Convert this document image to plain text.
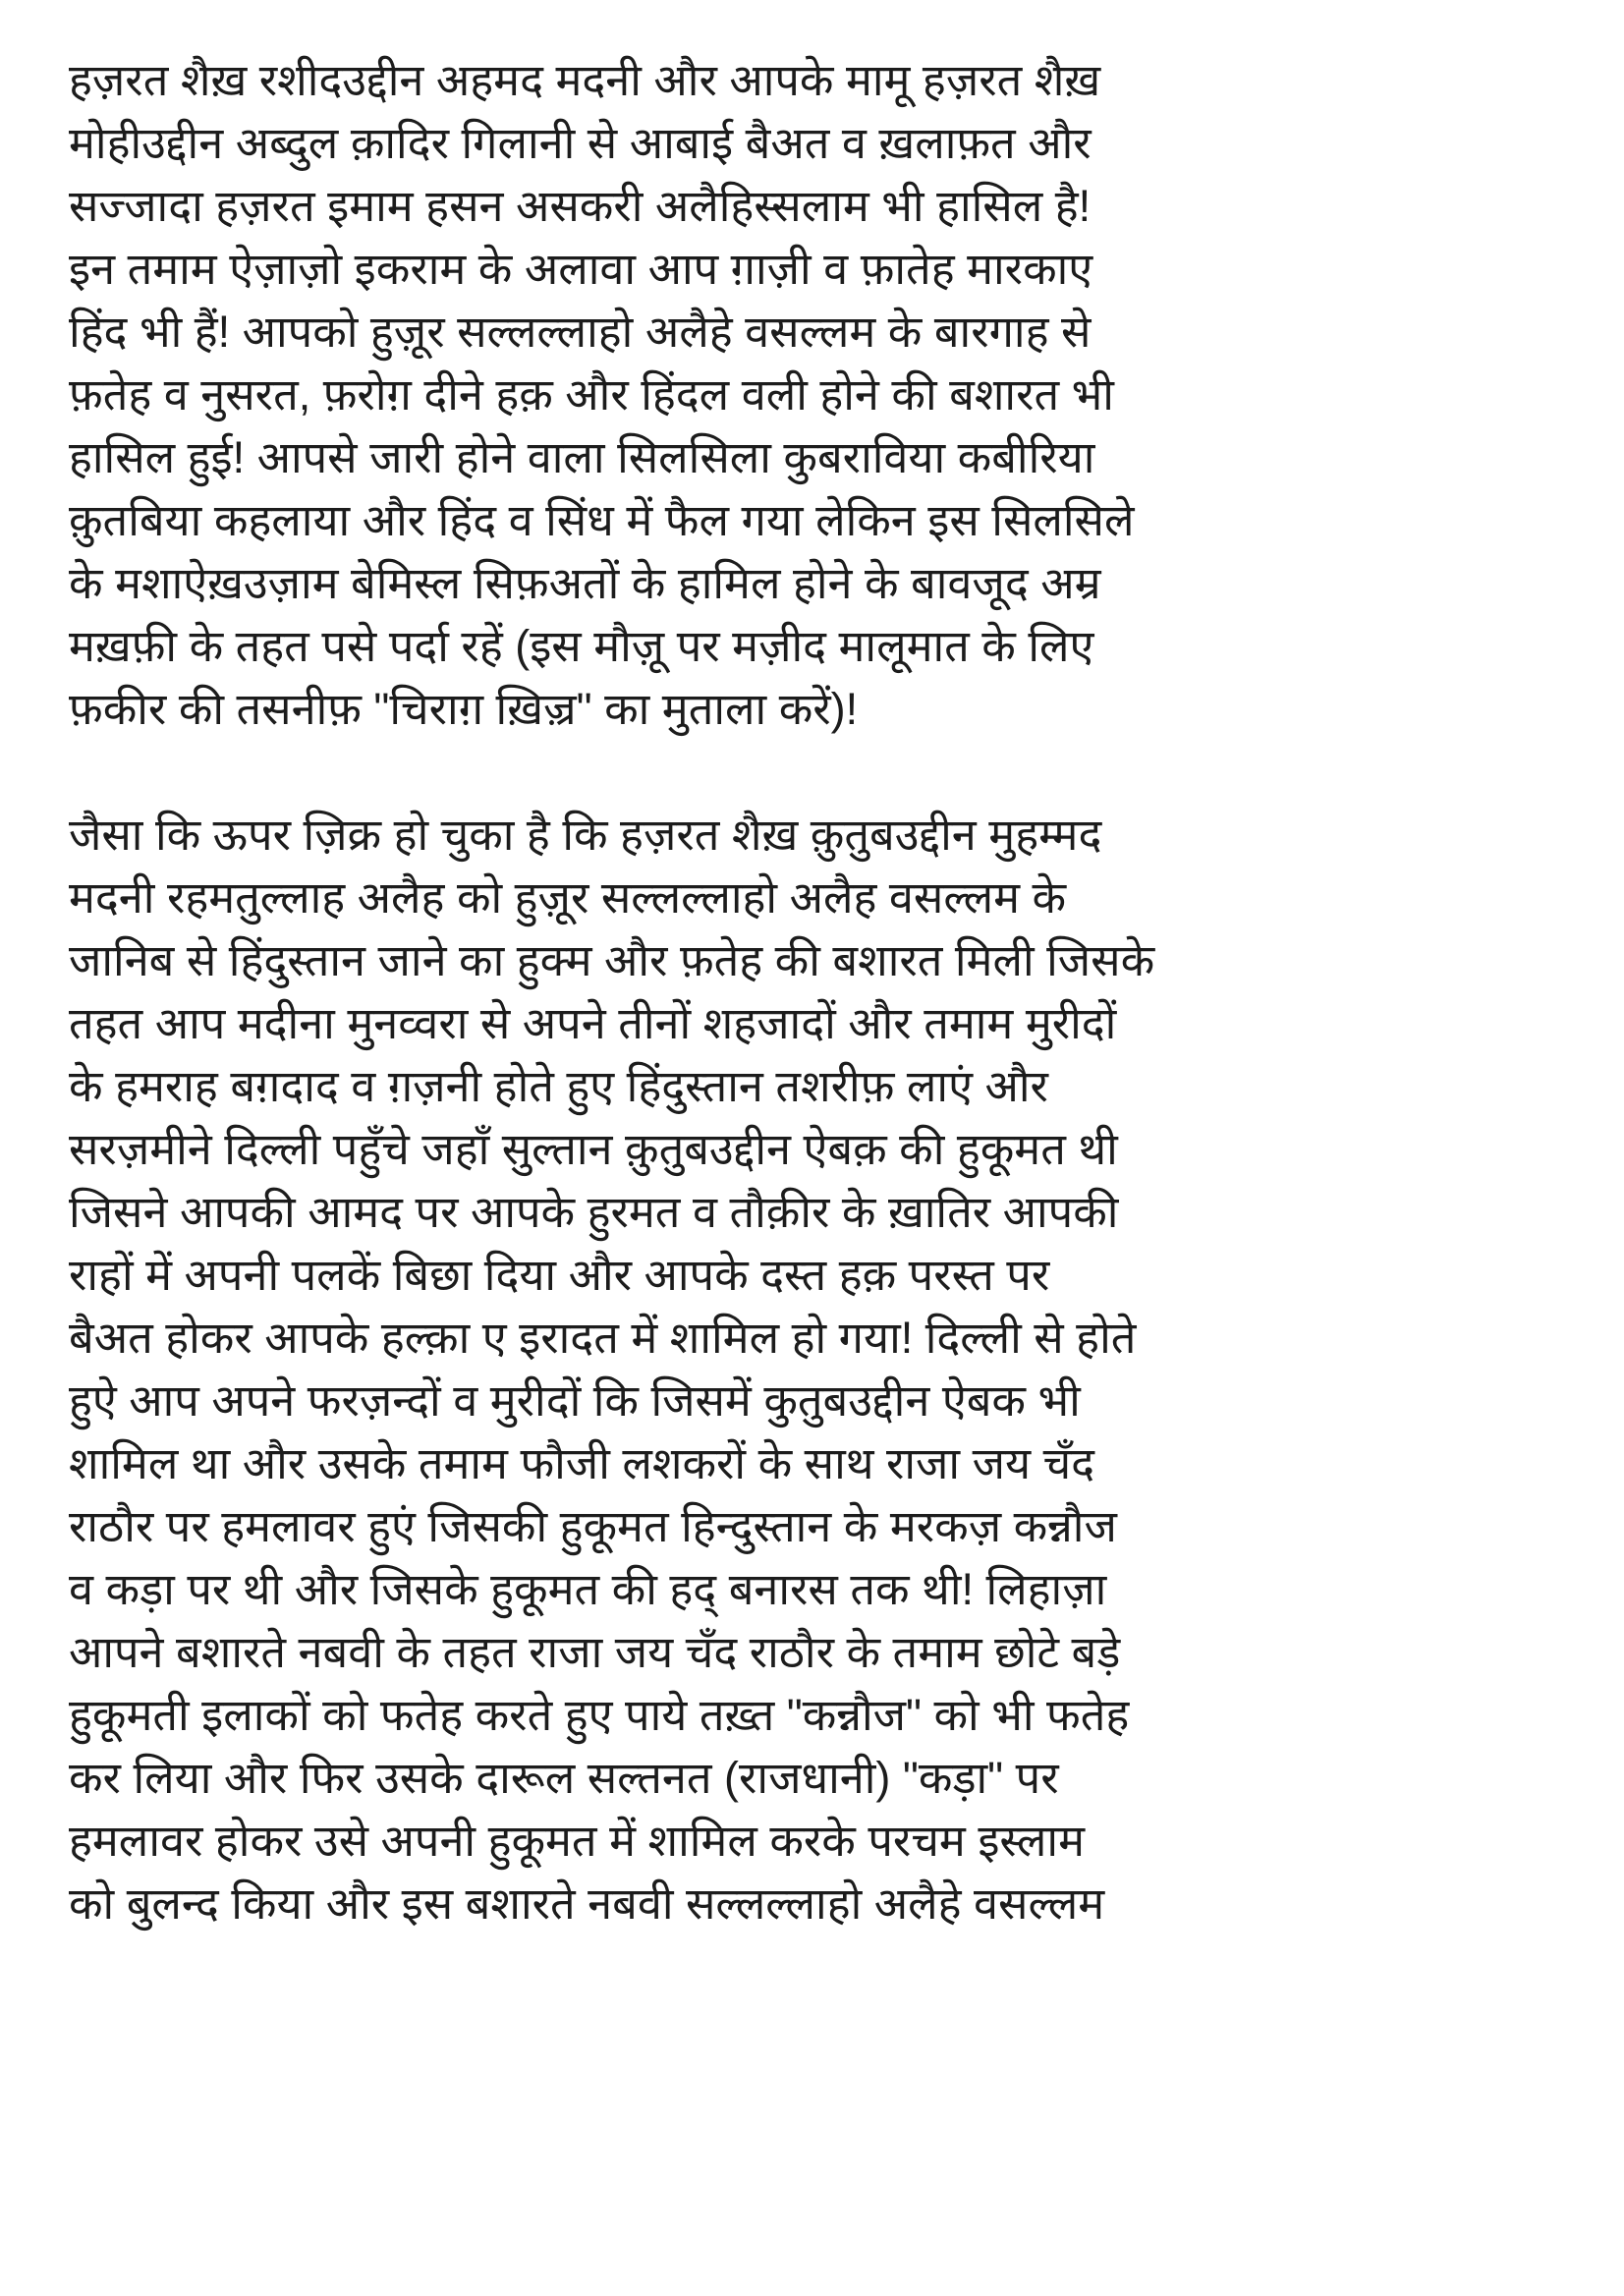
हज़रत शैख़ रशीदउद्दीन अहमद मदनी और आपके मामू हज़रत शैख़
मोहीउद्दीन अब्दुल क़ादिर गिलानी से आबाई बैअत व ख़लाफ़त और
सज्जादा हज़रत इमाम हसन असकरी अलैहिस्सलाम भी हासिल है!
इन तमाम ऐज़ाज़ो इकराम के अलावा आप ग़ाज़ी व फ़ातेह मारकाए
हिंद भी हैं! आपको हुज़ूर सल्लल्लाहो अलैहे वसल्लम के बारगाह से
फ़तेह व नुसरत, फ़रोग़ दीने हक़ और हिंदल वली होने की बशारत भी
हासिल हुई! आपसे जारी होने वाला सिलसिला कुबराविया कबीरिया
क़ुतबिया कहलाया और हिंद व सिंध में फैल गया लेकिन इस सिलसिले
के मशाऐख़उज़ाम बेमिस्ल सिफ़अतों के हामिल होने के बावजूद अम्र
मख़फ़ी के तहत पसे पर्दा रहें (इस मौज़ू पर मज़ीद मालूमात के लिए
फ़कीर की तसनीफ़ "चिराग़ ख़िज़्र" का मुताला करें)!
जैसा कि ऊपर ज़िक्र हो चुका है कि हज़रत शैख़ क़ुतुबउद्दीन मुहम्मद
मदनी रहमतुल्लाह अलैह को हुज़ूर सल्लल्लाहो अलैह वसल्लम के
जानिब से हिंदुस्तान जाने का हुक्म और फ़तेह की बशारत मिली जिसके
तहत आप मदीना मुनव्वरा से अपने तीनों शहजादों और तमाम मुरीदों
के हमराह बग़दाद व ग़ज़नी होते हुए हिंदुस्तान तशरीफ़ लाएं और
सरज़मीने दिल्ली पहुँचे जहाँ सुल्तान क़ुतुबउद्दीन ऐबक़ की हुकूमत थी
जिसने आपकी आमद पर आपके हुरमत व तौक़ीर के ख़ातिर आपकी
राहों में अपनी पलकें बिछा दिया और आपके दस्त हक़ परस्त पर
बैअत होकर आपके हल्क़ा ए इरादत में शामिल हो गया! दिल्ली से होते
हुऐ आप अपने फरज़न्दों व मुरीदों कि जिसमें कुतुबउद्दीन ऐबक भी
शामिल था और उसके तमाम फौजी लशकरों के साथ राजा जय चँद
राठौर पर हमलावर हुएं जिसकी हुकूमत हिन्दुस्तान के मरकज़ कन्नौज
व कड़ा पर थी और जिसके हुकूमत की हद् बनारस तक थी! लिहाज़ा
आपने बशारते नबवी के तहत राजा जय चँद राठौर के तमाम छोटे बड़े
हुकूमती इलाकों को फतेह करते हुए पाये तख़्त "कन्नौज" को भी फतेह
कर लिया और फिर उसके दारूल सल्तनत (राजधानी) "कड़ा" पर
हमलावर होकर उसे अपनी हुकूमत में शामिल करके परचम इस्लाम
को बुलन्द किया और इस बशारते नबवी सल्लल्लाहो अलैहे वसल्लम
